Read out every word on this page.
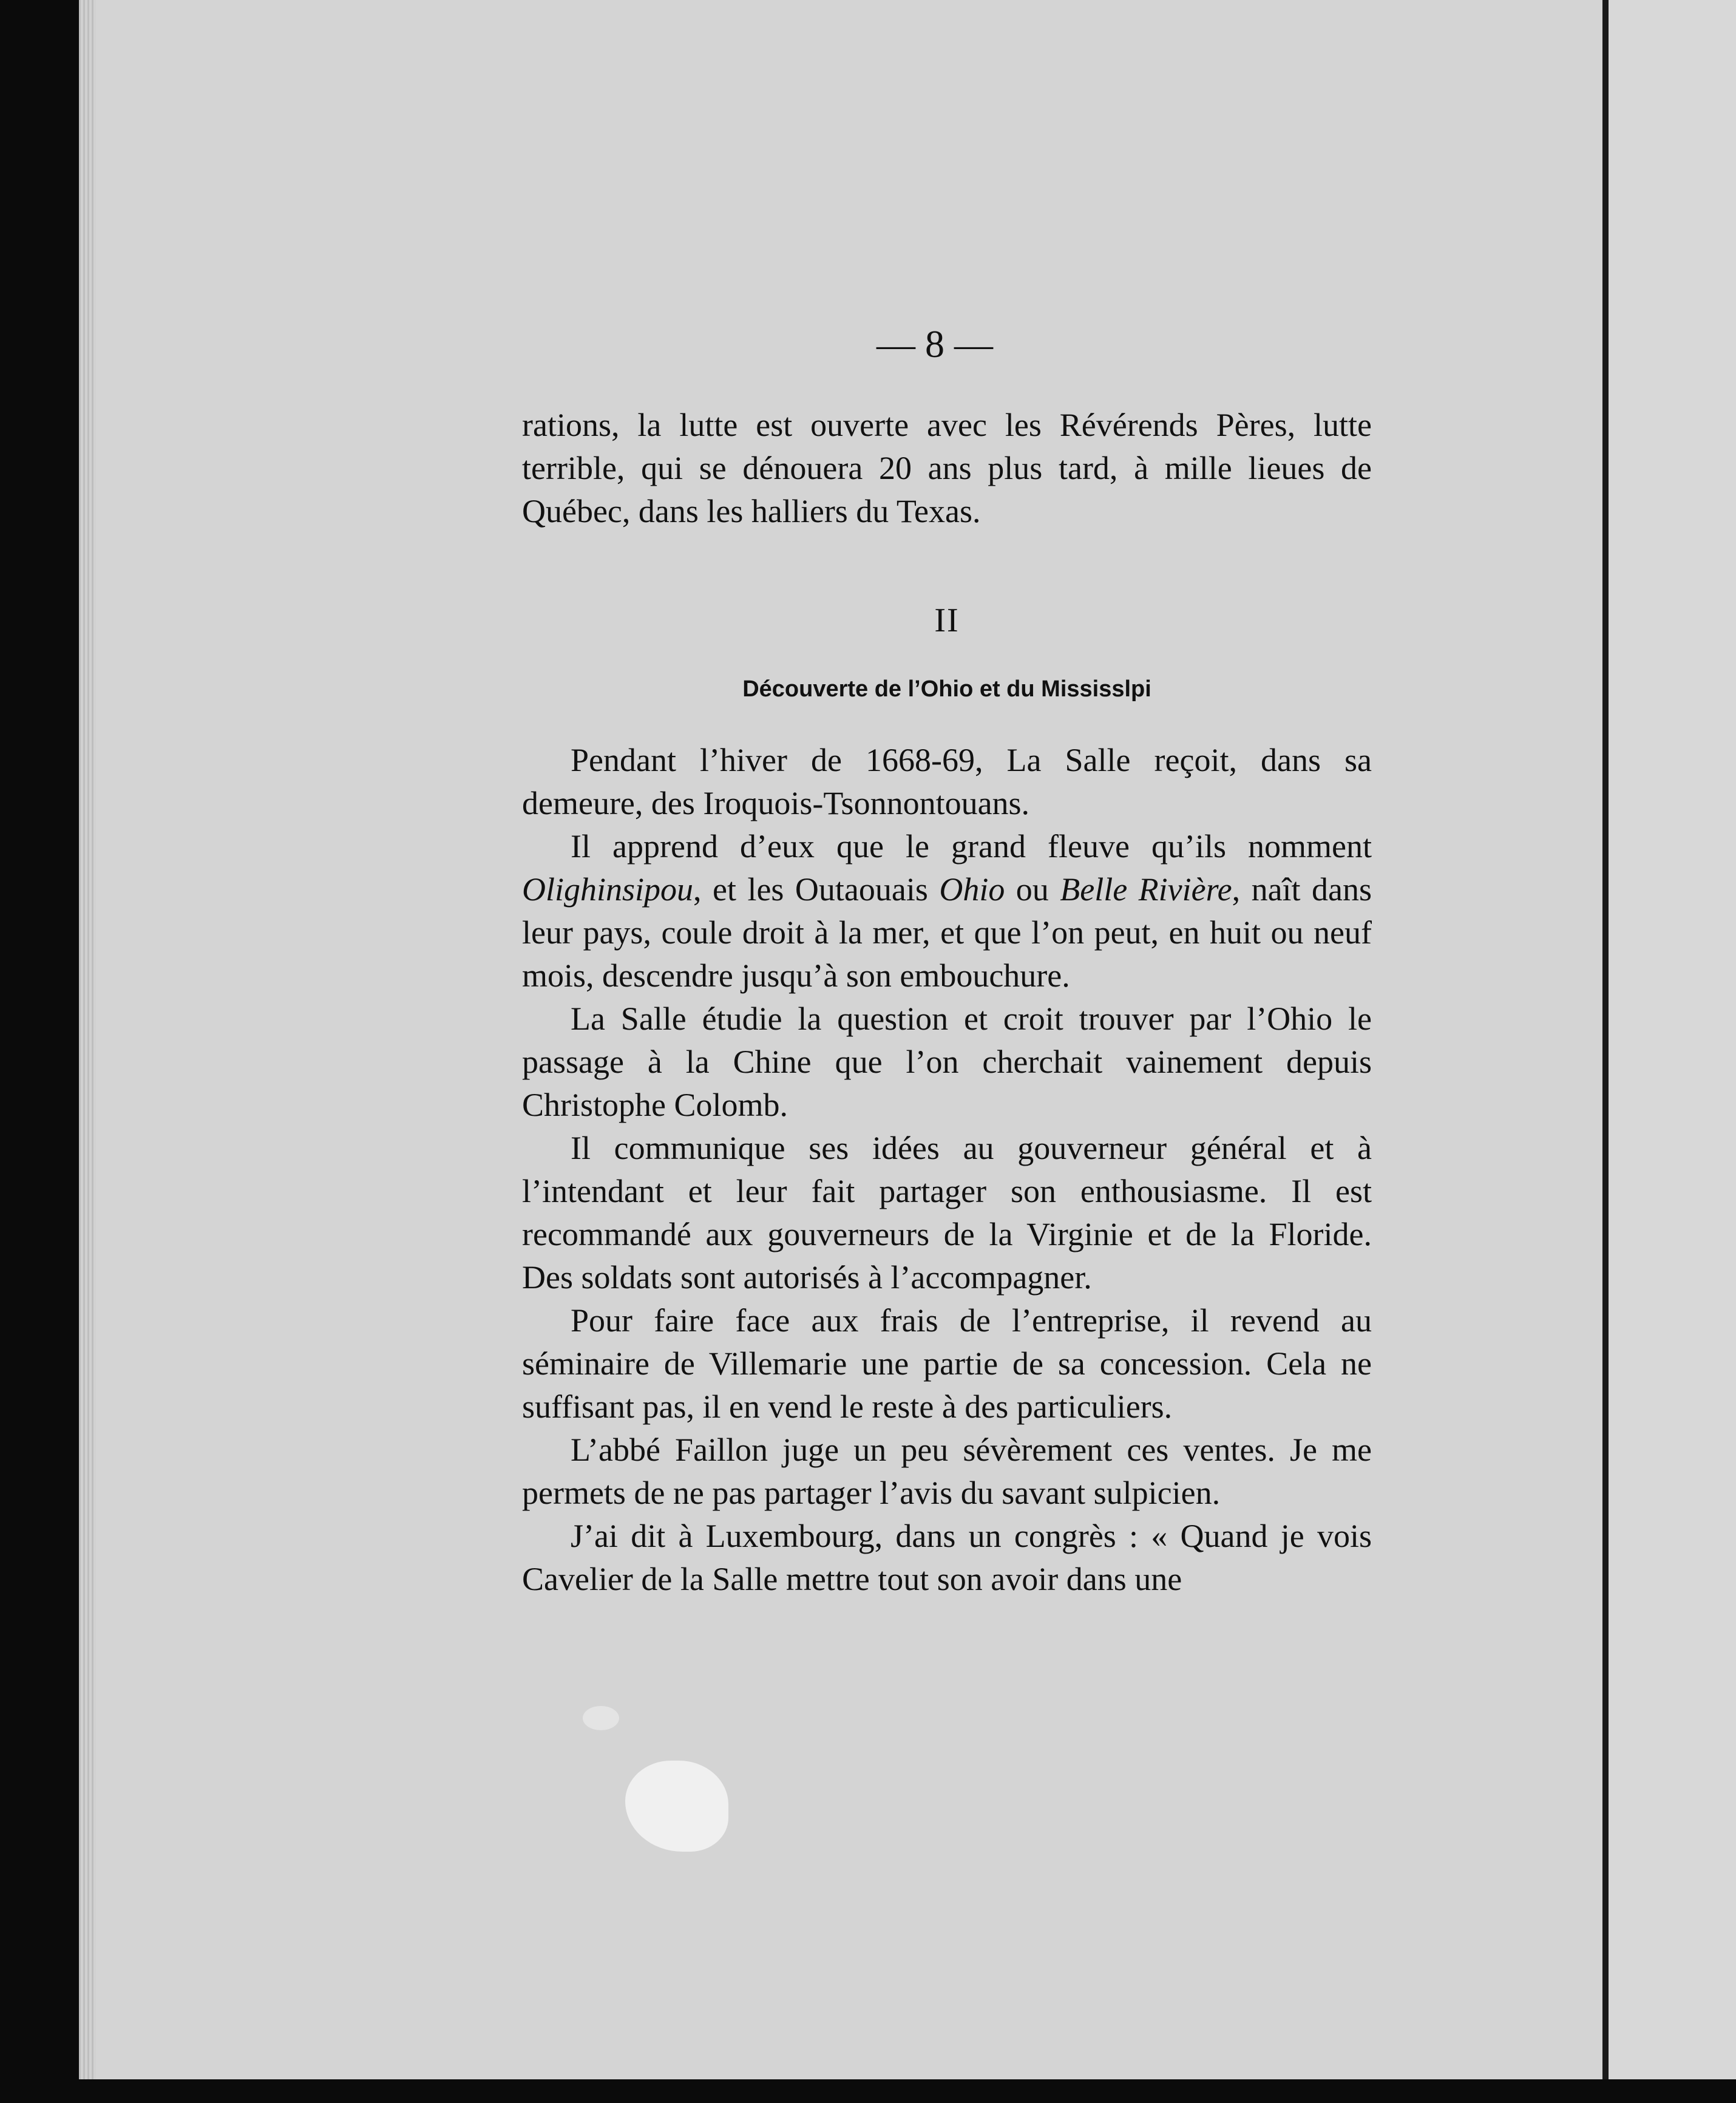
— 8 —

rations, la lutte est ouverte avec les Révérends Pères, lutte terrible, qui se dénouera 20 ans plus tard, à mille lieues de Québec, dans les halliers du Texas.

II
Découverte de l’Ohio et du Mississlpi

Pendant l’hiver de 1668-69, La Salle reçoit, dans sa demeure, des Iroquois-Tsonnontouans.

Il apprend d’eux que le grand fleuve qu’ils nomment Olighinsipou, et les Outaouais Ohio ou Belle Rivière, naît dans leur pays, coule droit à la mer, et que l’on peut, en huit ou neuf mois, descendre jusqu’à son embouchure.

La Salle étudie la question et croit trouver par l’Ohio le passage à la Chine que l’on cherchait vainement depuis Christophe Colomb.

Il communique ses idées au gouverneur général et à l’intendant et leur fait partager son enthousiasme. Il est recommandé aux gouverneurs de la Virginie et de la Floride. Des soldats sont autorisés à l’accompagner.

Pour faire face aux frais de l’entreprise, il revend au séminaire de Villemarie une partie de sa concession. Cela ne suffisant pas, il en vend le reste à des particuliers.

L’abbé Faillon juge un peu sévèrement ces ventes. Je me permets de ne pas partager l’avis du savant sulpicien.

J’ai dit à Luxembourg, dans un congrès : « Quand je vois Cavelier de la Salle mettre tout son avoir dans une
